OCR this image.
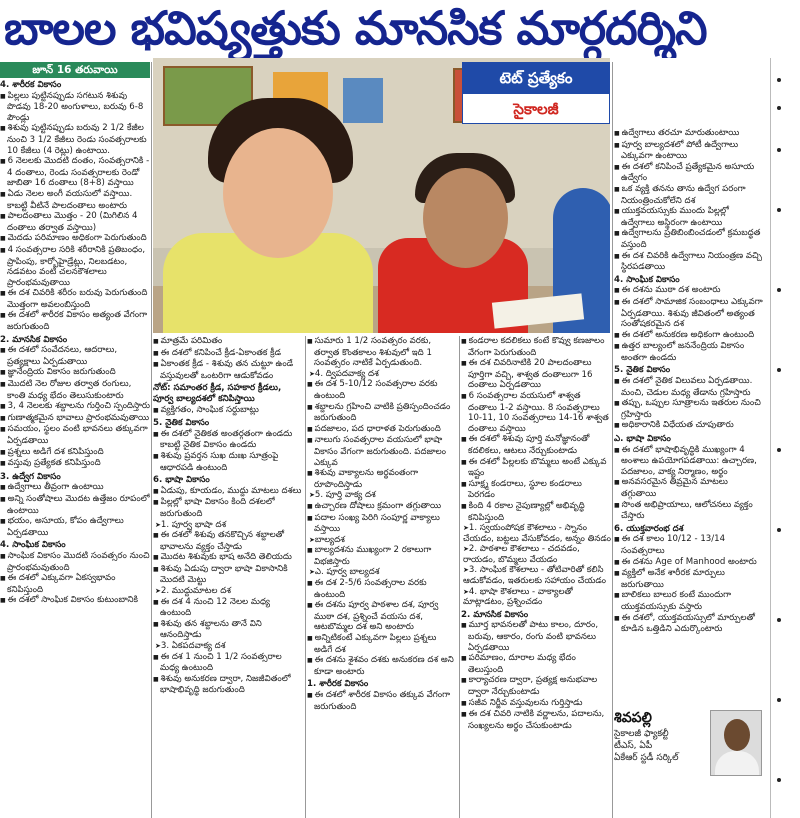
బాలల భవిష్యత్తుకు మానసిక మార్గదర్శిని
జూన్ 16 తరువాయి
4. శారీరక వికాసం
■ పిల్లలు పుట్టినప్పుడు సగటున శిశువు పొడవు 18-20 అంగుళాలు, బరువు 6-8 పౌండ్లు
■ శిశువు పుట్టినప్పుడు బరువు 2 1/2 కేజీల నుంచి 3 1/2 కేజీలు రెండు సంవత్సరాలకు 10 కేజీలు (4 రెట్లు) ఉంటాయి.
■ 6 నెలలకు మొదటి దంతం, సంవత్సరానికి - 4 దంతాలు, రెండు సంవత్సరాలకు రెండో జాబితా 16 దంతాలు (8+8) వస్తాయి
■ ఏడు నెలల అంగీ వయసులో వస్తాయి. కాబట్టి వీటినే పాలదంతాలు అంటారు
■ పాలదంతాలు మొత్తం - 20 (మిగిలిన 4 దంతాలు తర్వాత వస్తాయి)
■ మెదడు పరిమాణం అధికంగా పెరుగుతుంది
■ 4 సంవత్సరాల సరికి శరీరానికి ప్రతిబంధం, ప్రాపింపు, కార్బోహైడ్రేట్లు, నిలబడటం, నడవటం వంటి చలనకౌశలాలు ప్రారంభమవుతాయి
■ ఈ దశ చివరికి శరీరం బరువు పెరుగుతుంది మొత్తంగా అవలంబిస్తుంది
■ ఈ దశలో శారీరక వికాసం అత్యంత వేగంగా జరుగుతుంది
2. మానసిక వికాసం
■ ఈ దశలో సంవేదనలు, ఆదరాలు, ప్రత్యక్షాలు ఏర్పడుతాయి
■ జ్ఞానేంద్రియ వికాసం జరుగుతుంది
■ మొదటి నెల రోజుల తర్వాత రంగులు, కాంతి మధ్య భేదం తెలుసుకుంటారు
■ 3, 4 నెలలకు శబ్దాలను గుర్తించి స్పందిస్తారు
■ గుణాత్మకమైన భావాలు ప్రారంభమవుతాయి
■ సమయం, స్థలం వంటి భావనలు తక్కువగా ఏర్పడతాయి
■ ప్రశ్నలు అడిగే దశ కనిపిస్తుంది
■ వస్తువు ప్రత్యేకత కనిపిస్తుంది
3. ఉద్వేగ వికాసం
■ ఉద్వేగాలు తీవ్రంగా ఉంటాయి
■ అన్ని సంతోషాలు మొదట ఉత్తేజం రూపంలో ఉంటాయి
■ భయం, అసూయ, కోపం ఉద్వేగాలు ఏర్పడతాయి
4. సాంఘిక వికాసం
■ సాంఘిక వికాసం మొదటి సంవత్సరం నుంచి ప్రారంభమవుతుంది
■ ఈ దశలో ఎక్కువగా ఏకస్వభావం కనిపిస్తుంది
■ ఈ దశలో సాంఘిక వికాసం కుటుంబానికి
టెట్ ప్రత్యేకం
సైకాలజీ
■ మాత్రమే పరిమితం
■ ఈ దశలో కనిపించే క్రీడ-ఏకాంతక క్రీడ
■ ఏకాంతక క్రీడ - శిశువు తన చుట్టూ ఉండే వస్తువులతో ఒంటరిగా ఆడుకోవడం
నోట్: సమాంతర క్రీడ, సహకార క్రీడలు, పూర్వ బాల్యదశలో కనిపిస్తాయి
■ వ్యక్తిగతం, సాంఘిక సర్దుబాట్లు
5. నైతిక వికాసం
■ ఈ దశలో నైతికత అంతర్గతంగా ఉండదు కాబట్టి నైతిక వికాసం ఉండదు
■ శిశువు ప్రవర్తన సుఖ దుఃఖ సూత్రంపై ఆధారపడి ఉంటుంది
6. భాషా వికాసం
■ ఏడుపు, కూయడం, ముద్దు మాటలు దశలు
■ పిల్లల్లో భాషా వికాసం కింది దశలలో జరుగుతుంది
➤ 1. పూర్వ భాషా దశ
■ ఈ దశలో శిశువు తనకొచ్చిన శబ్దాలతో భావాలను వ్యక్తం చేస్తాడు
■ మొదట శిశువుకు భాష అనేది తెలియదు
■ శిశువు ఏడుపు ద్వారా భాషా వికాసానికి మొదటి మెట్టు
➤ 2. ముద్దుమాటల దశ
■ ఈ దశ 4 నుంచి 12 నెలల మధ్య ఉంటుంది
■ శిశువు తన శబ్దాలను తానే విని ఆనందిస్తాడు
➤ 3. ఏకపదవాక్య దశ
■ ఈ దశ 1 నుంచి 1 1/2 సంవత్సరాల మధ్య ఉంటుంది
■ శిశువు అనుకరణ ద్వారా, నిజజీవితంలో భాషాభివృద్ధి జరుగుతుంది
■ సుమారు 1 1/2 సంవత్సరం వరకు, తర్వాత కొంతకాలం శిశువులో ఇది 1 సంవత్సరం నాటికే ఏర్పడుతుంది.
➤ 4. ద్విపదవాక్య దశ
■ ఈ దశ 5-10/12 సంవత్సరాల వరకు ఉంటుంది
■ శబ్దాలను గ్రహించి వాటికి ప్రతిస్పందించడం జరుగుతుంది
■ పదజాలం, పద ధారాళత పెరుగుతుంది
■ నాలుగు సంవత్సరాల వయసులో భాషా వికాసం వేగంగా జరుగుతుంది. పదజాలం ఎక్కువ
■ శిశువు వాక్యాలను అర్థవంతంగా రూపొందిస్తాడు
➤ 5. పూర్తి వాక్య దశ
■ ఉచ్చారణ దోషాలు క్రమంగా తగ్గుతాయి
■ పదాల సంఖ్య పెరిగి సంపూర్ణ వాక్యాలు వస్తాయి
➤ బాల్యదశ
■ బాల్యదశను ముఖ్యంగా 2 రకాలుగా విభజిస్తారు
➤ ఎ. పూర్వ బాల్యదశ
■ ఈ దశ 2-5/6 సంవత్సరాల వరకు ఉంటుంది
■ ఈ దశను పూర్వ పాఠశాల దశ, పూర్వ ముఠా దశ, ప్రశ్నించే వయసు దశ, ఆటబొమ్మల దశ అని అంటారు
■ అన్నిటికంటే ఎక్కువగా పిల్లలు ప్రశ్నలు అడిగే దశ
■ ఈ దశను శైశవం దశకు అనుకరణ దశ అని కూడా అంటారు
1. శారీరక వికాసం
■ ఈ దశలో శారీరక వికాసం తక్కువ వేగంగా జరుగుతుంది
■ కండరాల కదలికలు కంటే కొవ్వు కణజాలం వేగంగా పెరుగుతుంది
■ ఈ దశ చివరినాటికి 20 పాలదంతాలు పూర్తిగా వచ్చి, శాశ్వత దంతాలుగా 16 దంతాలు ఏర్పడతాయి
■ 6 సంవత్సరాల వయసులో శాశ్వత దంతాలు 1-2 వస్తాయి. 8 సంవత్సరాలు 10-11, 10 సంవత్సరాలు 14-16 శాశ్వత దంతాలు వస్తాయి
■ ఈ దశలో శిశువు పూర్తి మనోజ్ఞానంతో కదలికలు, ఆటలు నేర్చుకుంటాడు
■ ఈ దశలో పిల్లలకు బొమ్మలు అంటే ఎక్కువ ఇష్టం
■ సూక్ష్మ కండరాలు, స్థూల కండరాలు పెరగడం
■ కింది 4 రకాల నైపుణ్యాల్లో అభివృద్ధి కనిపిస్తుంది
➤ 1. స్వయంపోషక కౌశలాలు - స్నానం చేయడం, బట్టలు వేసుకోవడం, అన్నం తినడం
➤ 2. పాఠశాల కౌశలాలు - చదవడం, రాయడం, బొమ్మలు వేయడం
➤ 3. సాంఘిక కౌశలాలు - తోటివారితో కలిసి ఆడుకోవడం, ఇతరులకు సహాయం చేయడం
➤ 4. భాషా కౌశలాలు - వాక్యాలతో మాట్లాడటం, ప్రశ్నించడం
2. మానసిక వికాసం
■ మూర్త భావనలతో పాటు కాలం, దూరం, బరువు, ఆకారం, రంగు వంటి భావనలు ఏర్పడతాయి
■ పరిమాణం, దూరాల మధ్య భేదం తెలుస్తుంది
■ కార్యాచరణ ద్వారా, ప్రత్యక్ష అనుభవాల ద్వారా నేర్చుకుంటాడు
■ సజీవ నిర్జీవ వస్తువులను గుర్తిస్తాడు
■ ఈ దశ చివరి నాటికి వర్ణాలను, పదాలను, సంఖ్యలను అర్థం చేసుకుంటాడు
■ ఉద్వేగాలు తరచూ మారుతుంటాయి
■ పూర్వ బాల్యదశలో పోటీ ఉద్వేగాలు ఎక్కువగా ఉంటాయి
■ ఈ దశలో కనిపించే ప్రత్యేకమైన అసూయ ఉద్వేగం
■ ఒక వ్యక్తి తనను తాను ఉద్వేగ పరంగా నియంత్రించుకోలేని దశ
■ యుక్తవయస్సుకు ముందు పిల్లల్లో ఉద్వేగాలు అస్థిరంగా ఉంటాయి
■ ఉద్వేగాలను ప్రతిబింబించడంలో క్రమబద్ధత వస్తుంది
■ ఈ దశ చివరికి ఉద్వేగాలు నియంత్రణ వచ్చి స్థిరపడతాయి
4. సాంఘిక వికాసం
■ ఈ దశను ముఠా దశ అంటారు
■ ఈ దశలో సామాజిక సంబంధాలు ఎక్కువగా ఏర్పడతాయి. శిశువు జీవితంలో అత్యంత సంతోషకరమైన దశ
■ ఈ దశలో అనుకరణ అధికంగా ఉంటుంది
■ ఉత్తర బాల్యంలో జననేంద్రియ వికాసం అంతగా ఉండదు
5. నైతిక వికాసం
■ ఈ దశలో నైతిక విలువలు ఏర్పడతాయి. మంచి, చెడుల మధ్య తేడాను గ్రహిస్తారు
■ తప్పు, ఒప్పుల సూత్రాలను ఇతరుల నుంచి గ్రహిస్తారు
■ అధికారానికి విధేయత చూపుతారు
ఎ. భాషా వికాసం
■ ఈ దశలో భాషాభివృద్ధికి ముఖ్యంగా 4 అంశాలు ఉపయోగపడతాయి: ఉచ్చారణ, పదజాలం, వాక్య నిర్మాణం, అర్థం
■ అనవసరమైన తీవ్రమైన మాటలు తగ్గుతాయి
■ సొంత అభిప్రాయాలు, ఆలోచనలు వ్యక్తం చేస్తారు
6. యుక్తవారంభ దశ
■ ఈ దశ కాలం 10/12 - 13/14 సంవత్సరాలు
■ ఈ దశను Age of Manhood అంటారు
■ వ్యక్తిలో అనేక శారీరక మార్పులు జరుగుతాయి
■ బాలికలు బాలుర కంటే ముందుగా యుక్తవయస్సుకు వస్తారు
■ ఈ దశలో, యుక్తవయస్సులో మార్పులతో కూడిన ఒత్తిడిని ఎదుర్కొంటారు
శివపల్లి
సైకాలజీ ఫ్యాకల్టీ
టీఎస్, ఏపీ
ఏకేఆర్ స్టడీ సర్కిల్
